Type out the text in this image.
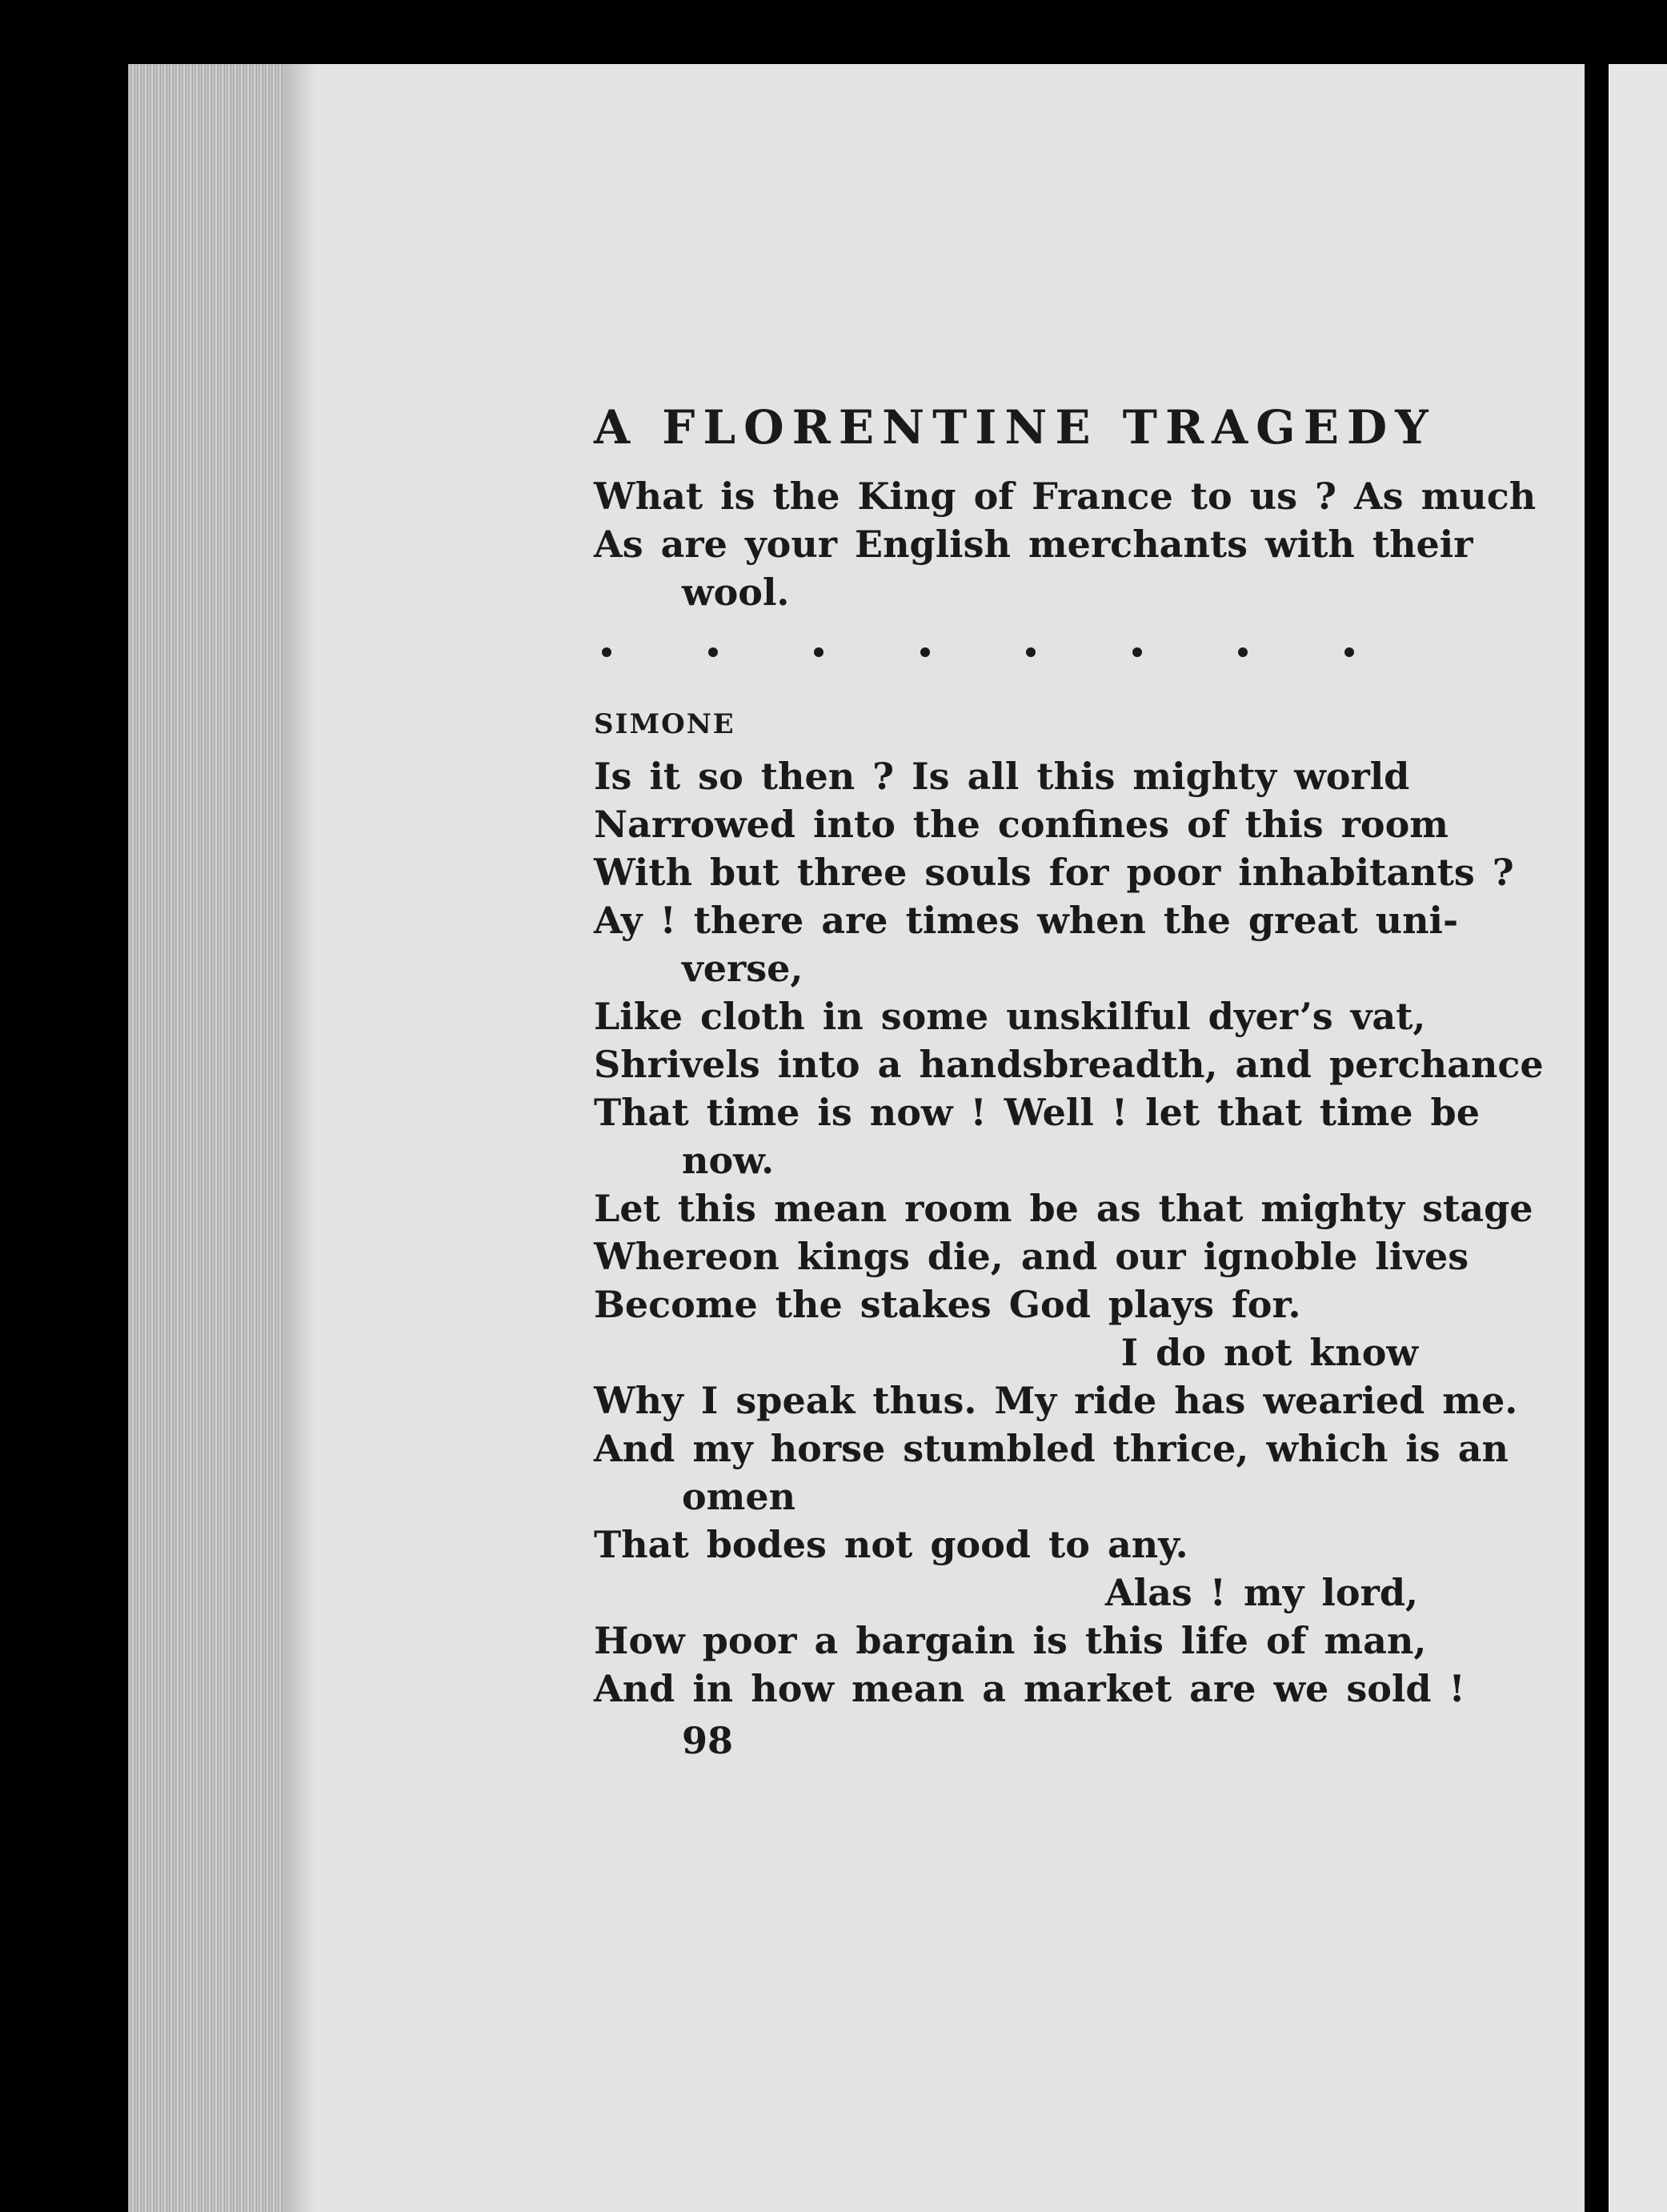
A FLORENTINE TRAGEDY
What is the King of France to us ? As much
As are your English merchants with their
wool.
SIMONE
Is it so then ? Is all this mighty world
Narrowed into the confines of this room
With but three souls for poor inhabitants ?
Ay ! there are times when the great uni-
verse,
Like cloth in some unskilful dyer’s vat,
Shrivels into a handsbreadth, and perchance
That time is now ! Well ! let that time be
now.
Let this mean room be as that mighty stage
Whereon kings die, and our ignoble lives
Become the stakes God plays for.
I do not know
Why I speak thus. My ride has wearied me.
And my horse stumbled thrice, which is an
omen
That bodes not good to any.
Alas ! my lord,
How poor a bargain is this life of man,
And in how mean a market are we sold !
98
